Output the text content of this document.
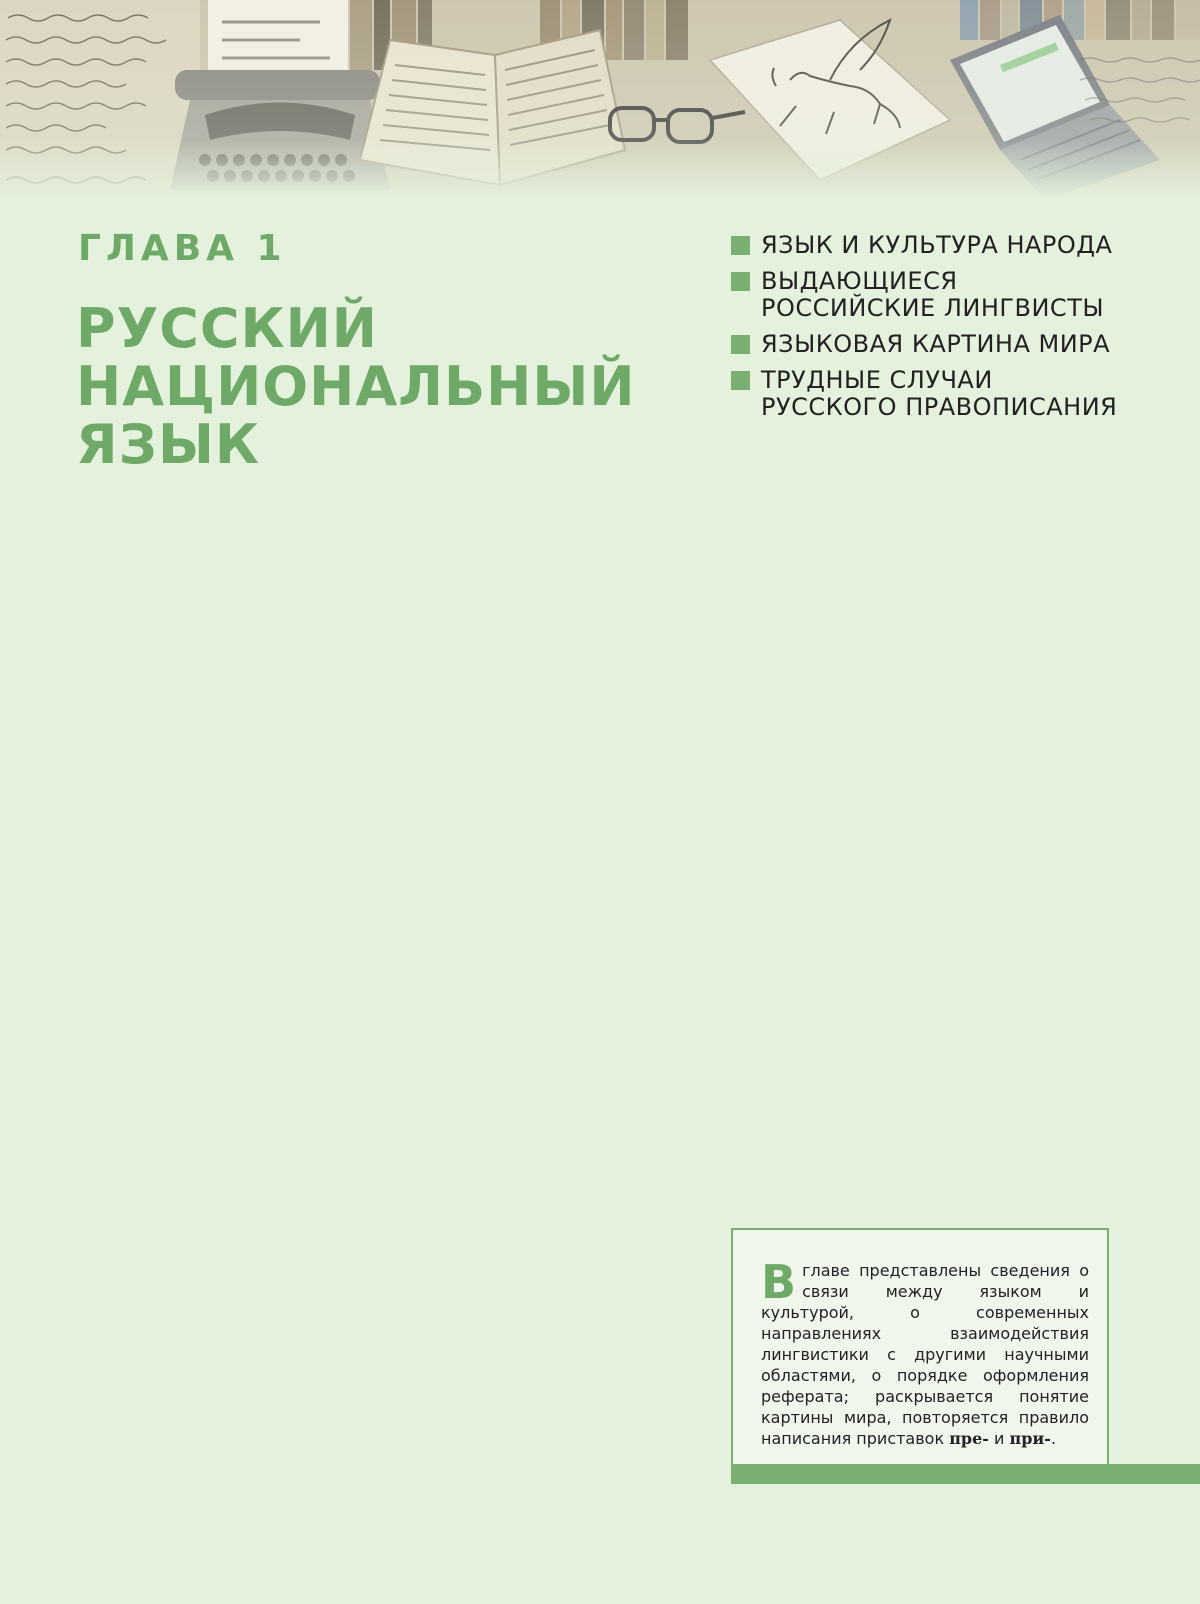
ГЛАВА 1
РУССКИЙ
НАЦИОНАЛЬНЫЙ
ЯЗЫК
ЯЗЫК И КУЛЬТУРА НАРОДА
ВЫДАЮЩИЕСЯ
РОССИЙСКИЕ ЛИНГВИСТЫ
ЯЗЫКОВАЯ КАРТИНА МИРА
ТРУДНЫЕ СЛУЧАИ
РУССКОГО ПРАВОПИСАНИЯ

Вглаве представлены сведения о связи между языком и культурой, о современных направлениях взаимодействия лингвистики с другими научными областями, о порядке оформления реферата; раскрывается понятие картины мира, повторяется правило написания приставок пре- и при-.
